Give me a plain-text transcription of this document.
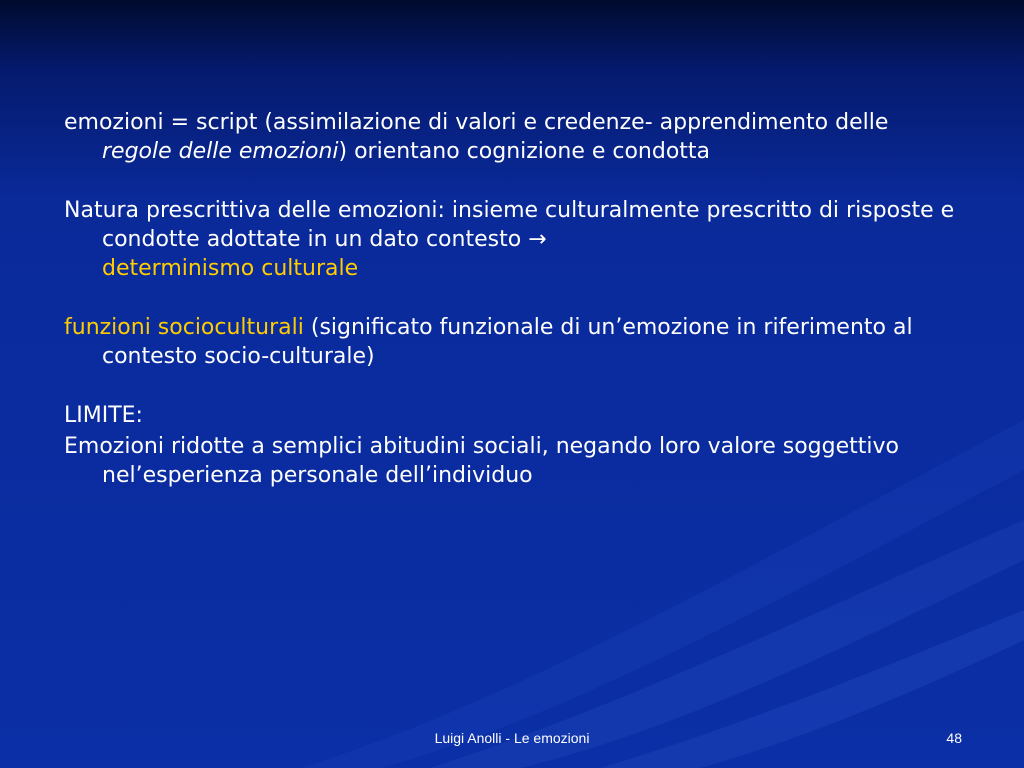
emozioni = script (assimilazione di valori e credenze- apprendimento delle regole delle emozioni) orientano cognizione e condotta

Natura prescrittiva delle emozioni: insieme culturalmente prescritto di risposte e condotte adottate in un dato contesto →
determinismo culturale

funzioni socioculturali (significato funzionale di un’emozione in riferimento al contesto socio-culturale)

LIMITE:

Emozioni ridotte a semplici abitudini sociali, negando loro valore soggettivo nel’esperienza personale dell’individuo

Luigi Anolli - Le emozioni	48
